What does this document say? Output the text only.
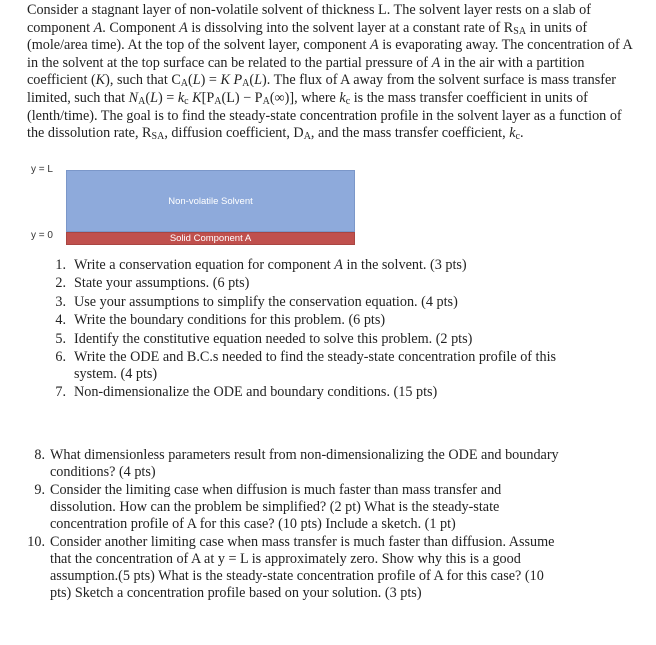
Consider a stagnant layer of non-volatile solvent of thickness L. The solvent layer rests on a slab of component A. Component A is dissolving into the solvent layer at a constant rate of $R_{SA}$ in units of (mole/area time). At the top of the solvent layer, component A is evaporating away. The concentration of A in the solvent at the top surface can be related to the partial pressure of A in the air with a partition coefficient (K), such that $C_A(L) = K$ $P_A(L)$. The flux of A away from the solvent surface is mass transfer limited, such that $N_A(L) = k_c$ $K[P_A(L) - P_A(\infty)]$, where $k_c$ is the mass transfer coefficient in units of (lenth/time). The goal is to find the steady-state concentration profile in the solvent layer as a function of the dissolution rate, $R_{SA}$, diffusion coefficient, $D_A$, and the mass transfer coefficient, $k_c$.
y = L
y = 0
Non-volatile Solvent
Solid Component A
1. Write a conservation equation for component A in the solvent. (3 pts)
2. State your assumptions. (6 pts)
3. Use your assumptions to simplify the conservation equation. (4 pts)
4. Write the boundary conditions for this problem. (6 pts)
5. Identify the constitutive equation needed to solve this problem. (2 pts)
6. Write the ODE and B.C.s needed to find the steady-state concentration profile of this
system. (4 pts)
7. Non-dimensionalize the ODE and boundary conditions. (15 pts)
8. What dimensionless parameters result from non-dimensionalizing the ODE and boundary
conditions? (4 pts)
9. Consider the limiting case when diffusion is much faster than mass transfer and
dissolution. How can the problem be simplified? (2 pt) What is the steady-state
concentration profile of A for this case? (10 pts) Include a sketch. (1 pt)
10. Consider another limiting case when mass transfer is much faster than diffusion. Assume
that the concentration of A at y = L is approximately zero. Show why this is a good
assumption.(5 pts) What is the steady-state concentration profile of A for this case? (10
pts) Sketch a concentration profile based on your solution. (3 pts)
